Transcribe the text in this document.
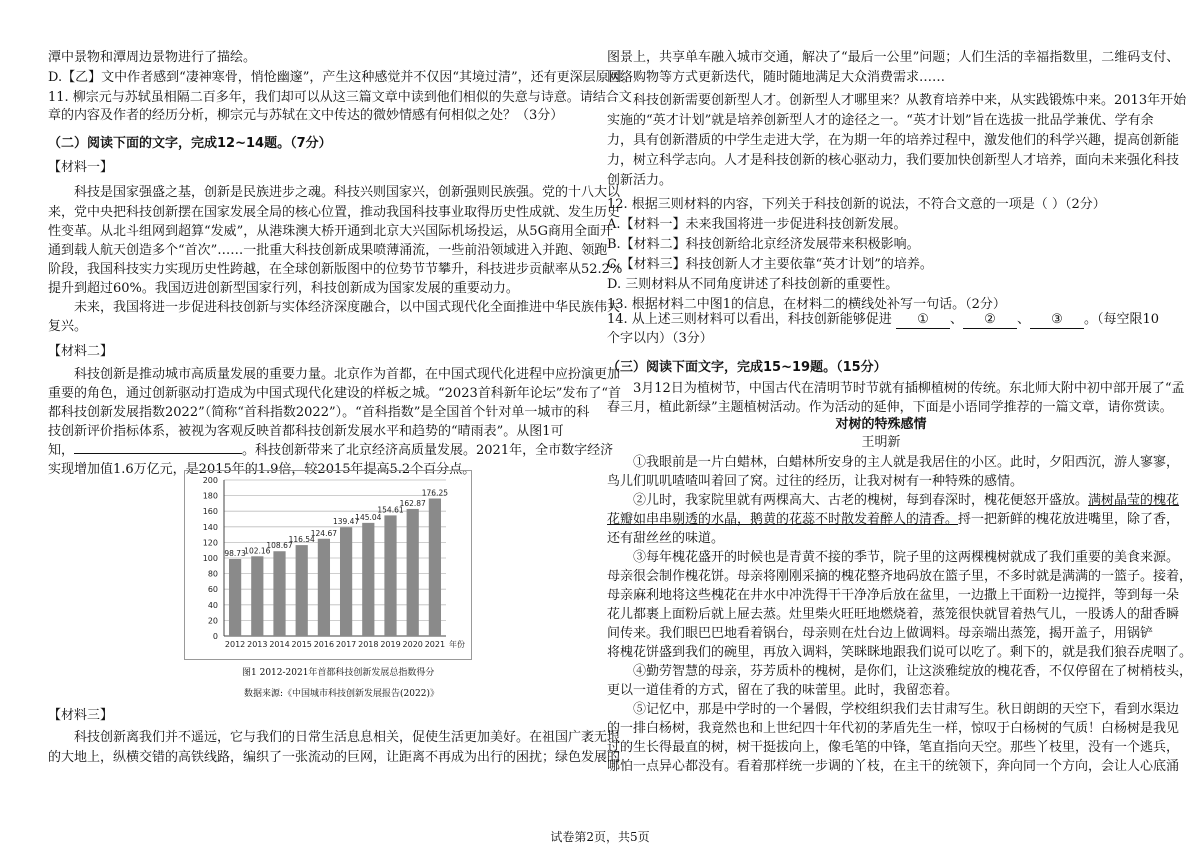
潭中景物和潭周边景物进行了描绘。
D.【乙】文中作者感到“凄神寒骨，悄怆幽邃”，产生这种感觉并不仅因“其境过清”，还有更深层原因。
11. 柳宗元与苏轼虽相隔二百多年，我们却可以从这三篇文章中读到他们相似的失意与诗意。请结合文
章的内容及作者的经历分析，柳宗元与苏轼在文中传达的微妙情感有何相似之处？（3分）
（二）阅读下面的文字，完成12~14题。（7分）
【材料一】
科技是国家强盛之基，创新是民族进步之魂。科技兴则国家兴，创新强则民族强。党的十八大以
来，党中央把科技创新摆在国家发展全局的核心位置，推动我国科技事业取得历史性成就、发生历史
性变革。从北斗组网到超算“发威”，从港珠澳大桥开通到北京大兴国际机场投运，从5G商用全面开
通到载人航天创造多个“首次”……一批重大科技创新成果喷薄涌流，一些前沿领域进入并跑、领跑
阶段，我国科技实力实现历史性跨越，在全球创新版图中的位势节节攀升，科技进步贡献率从52.2%
提升到超过60%。我国迈进创新型国家行列，科技创新成为国家发展的重要动力。
未来，我国将进一步促进科技创新与实体经济深度融合，以中国式现代化全面推进中华民族伟大
复兴。
【材料二】
科技创新是推动城市高质量发展的重要力量。北京作为首都，在中国式现代化进程中应扮演更加
重要的角色，通过创新驱动打造成为中国式现代化建设的样板之城。“2023首科新年论坛”发布了“首
都科技创新发展指数2022”（简称“首科指数2022”）。“首科指数”是全国首个针对单一城市的科
技创新评价指标体系，被视为客观反映首都科技创新发展水平和趋势的“晴雨表”。从图1可
知，	。科技创新带来了北京经济高质量发展。2021年，全市数字经济
实现增加值1.6万亿元，是2015年的1.9倍，较2015年提高5.2个百分点。
0
20
40
60
80
100
120
140
160
180
200
98.73
2012
102.16
2013
108.67
2014
116.54
2015
124.67
2016
139.47
2017
145.04
2018
154.61
2019
162.87
2020
176.25
2021 年份
图1 2012-2021年首都科技创新发展总指数得分
数据来源:《中国城市科技创新发展报告(2022)》
【材料三】
科技创新离我们并不遥远，它与我们的日常生活息息相关，促使生活更加美好。在祖国广袤无垠
的大地上，纵横交错的高铁线路，编织了一张流动的巨网，让距离不再成为出行的困扰；绿色发展的
图景上，共享单车融入城市交通，解决了“最后一公里”问题；人们生活的幸福指数里，二维码支付、
网络购物等方式更新迭代，随时随地满足大众消费需求……
科技创新需要创新型人才。创新型人才哪里来？从教育培养中来，从实践锻炼中来。2013年开始
实施的“英才计划”就是培养创新型人才的途径之一。“英才计划”旨在选拔一批品学兼优、学有余
力，具有创新潜质的中学生走进大学，在为期一年的培养过程中，激发他们的科学兴趣，提高创新能
力，树立科学志向。人才是科技创新的核心驱动力，我们要加快创新型人才培养，面向未来强化科技
创新活力。
12. 根据三则材料的内容，下列关于科技创新的说法，不符合文意的一项是（ ）（2分）
A.【材料一】未来我国将进一步促进科技创新发展。
B.【材料二】科技创新给北京经济发展带来积极影响。
C.【材料三】科技创新人才主要依靠“英才计划”的培养。
D. 三则材料从不同角度讲述了科技创新的重要性。
13. 根据材料二中图1的信息，在材料二的横线处补写一句话。（2分）
14. 从上述三则材料可以看出，科技创新能够促进 ① 、 ② 、 ③ 。（每空限10
个字以内）（3分）
（三）阅读下面文字，完成15~19题。（15分）
3月12日为植树节，中国古代在清明节时节就有插柳植树的传统。东北师大附中初中部开展了“孟
春三月，植此新绿”主题植树活动。作为活动的延伸，下面是小语同学推荐的一篇文章，请你赏读。
对树的特殊感情
王明新
①我眼前是一片白蜡林，白蜡林所安身的主人就是我居住的小区。此时，夕阳西沉，游人寥寥，
鸟儿们叽叽喳喳叫着回了窝。过往的经历，让我对树有一种特殊的感情。
②儿时，我家院里就有两棵高大、古老的槐树，每到春深时，槐花便怒开盛放。满树晶莹的槐花
花瓣如串串剔透的水晶，鹅黄的花蕊不时散发着醉人的清香。捋一把新鲜的槐花放进嘴里，除了香，
还有甜丝丝的味道。
③每年槐花盛开的时候也是青黄不接的季节，院子里的这两棵槐树就成了我们重要的美食来源。
母亲很会制作槐花饼。母亲将刚刚采摘的槐花整齐地码放在篮子里，不多时就是满满的一篮子。接着，
母亲麻利地将这些槐花在井水中冲洗得干干净净后放在盆里，一边撒上干面粉一边搅拌，等到每一朵
花儿都裹上面粉后就上屉去蒸。灶里柴火旺旺地燃烧着，蒸笼很快就冒着热气儿，一股诱人的甜香瞬
间传来。我们眼巴巴地看着锅台，母亲则在灶台边上做调料。母亲端出蒸笼，揭开盖子，用锅铲
将槐花饼盛到我们的碗里，再放入调料，笑眯眯地跟我们说可以吃了。剩下的，就是我们狼吞虎咽了。
④勤劳智慧的母亲，芬芳质朴的槐树，是你们，让这淡雅绽放的槐花香，不仅停留在了树梢枝头，
更以一道佳肴的方式，留在了我的味蕾里。此时，我留恋着。
⑤记忆中，那是中学时的一个暑假，学校组织我们去甘肃写生。秋日朗朗的天空下，看到水渠边
的一排白杨树，我竟然也和上世纪四十年代初的茅盾先生一样，惊叹于白杨树的气质！白杨树是我见
过的生长得最直的树，树干挺拔向上，像毛笔的中锋，笔直指向天空。那些丫枝里，没有一个逃兵，
哪怕一点异心都没有。看着那样统一步调的丫枝，在主干的统领下，奔向同一个方向，会让人心底涌
试卷第2页，共5页
